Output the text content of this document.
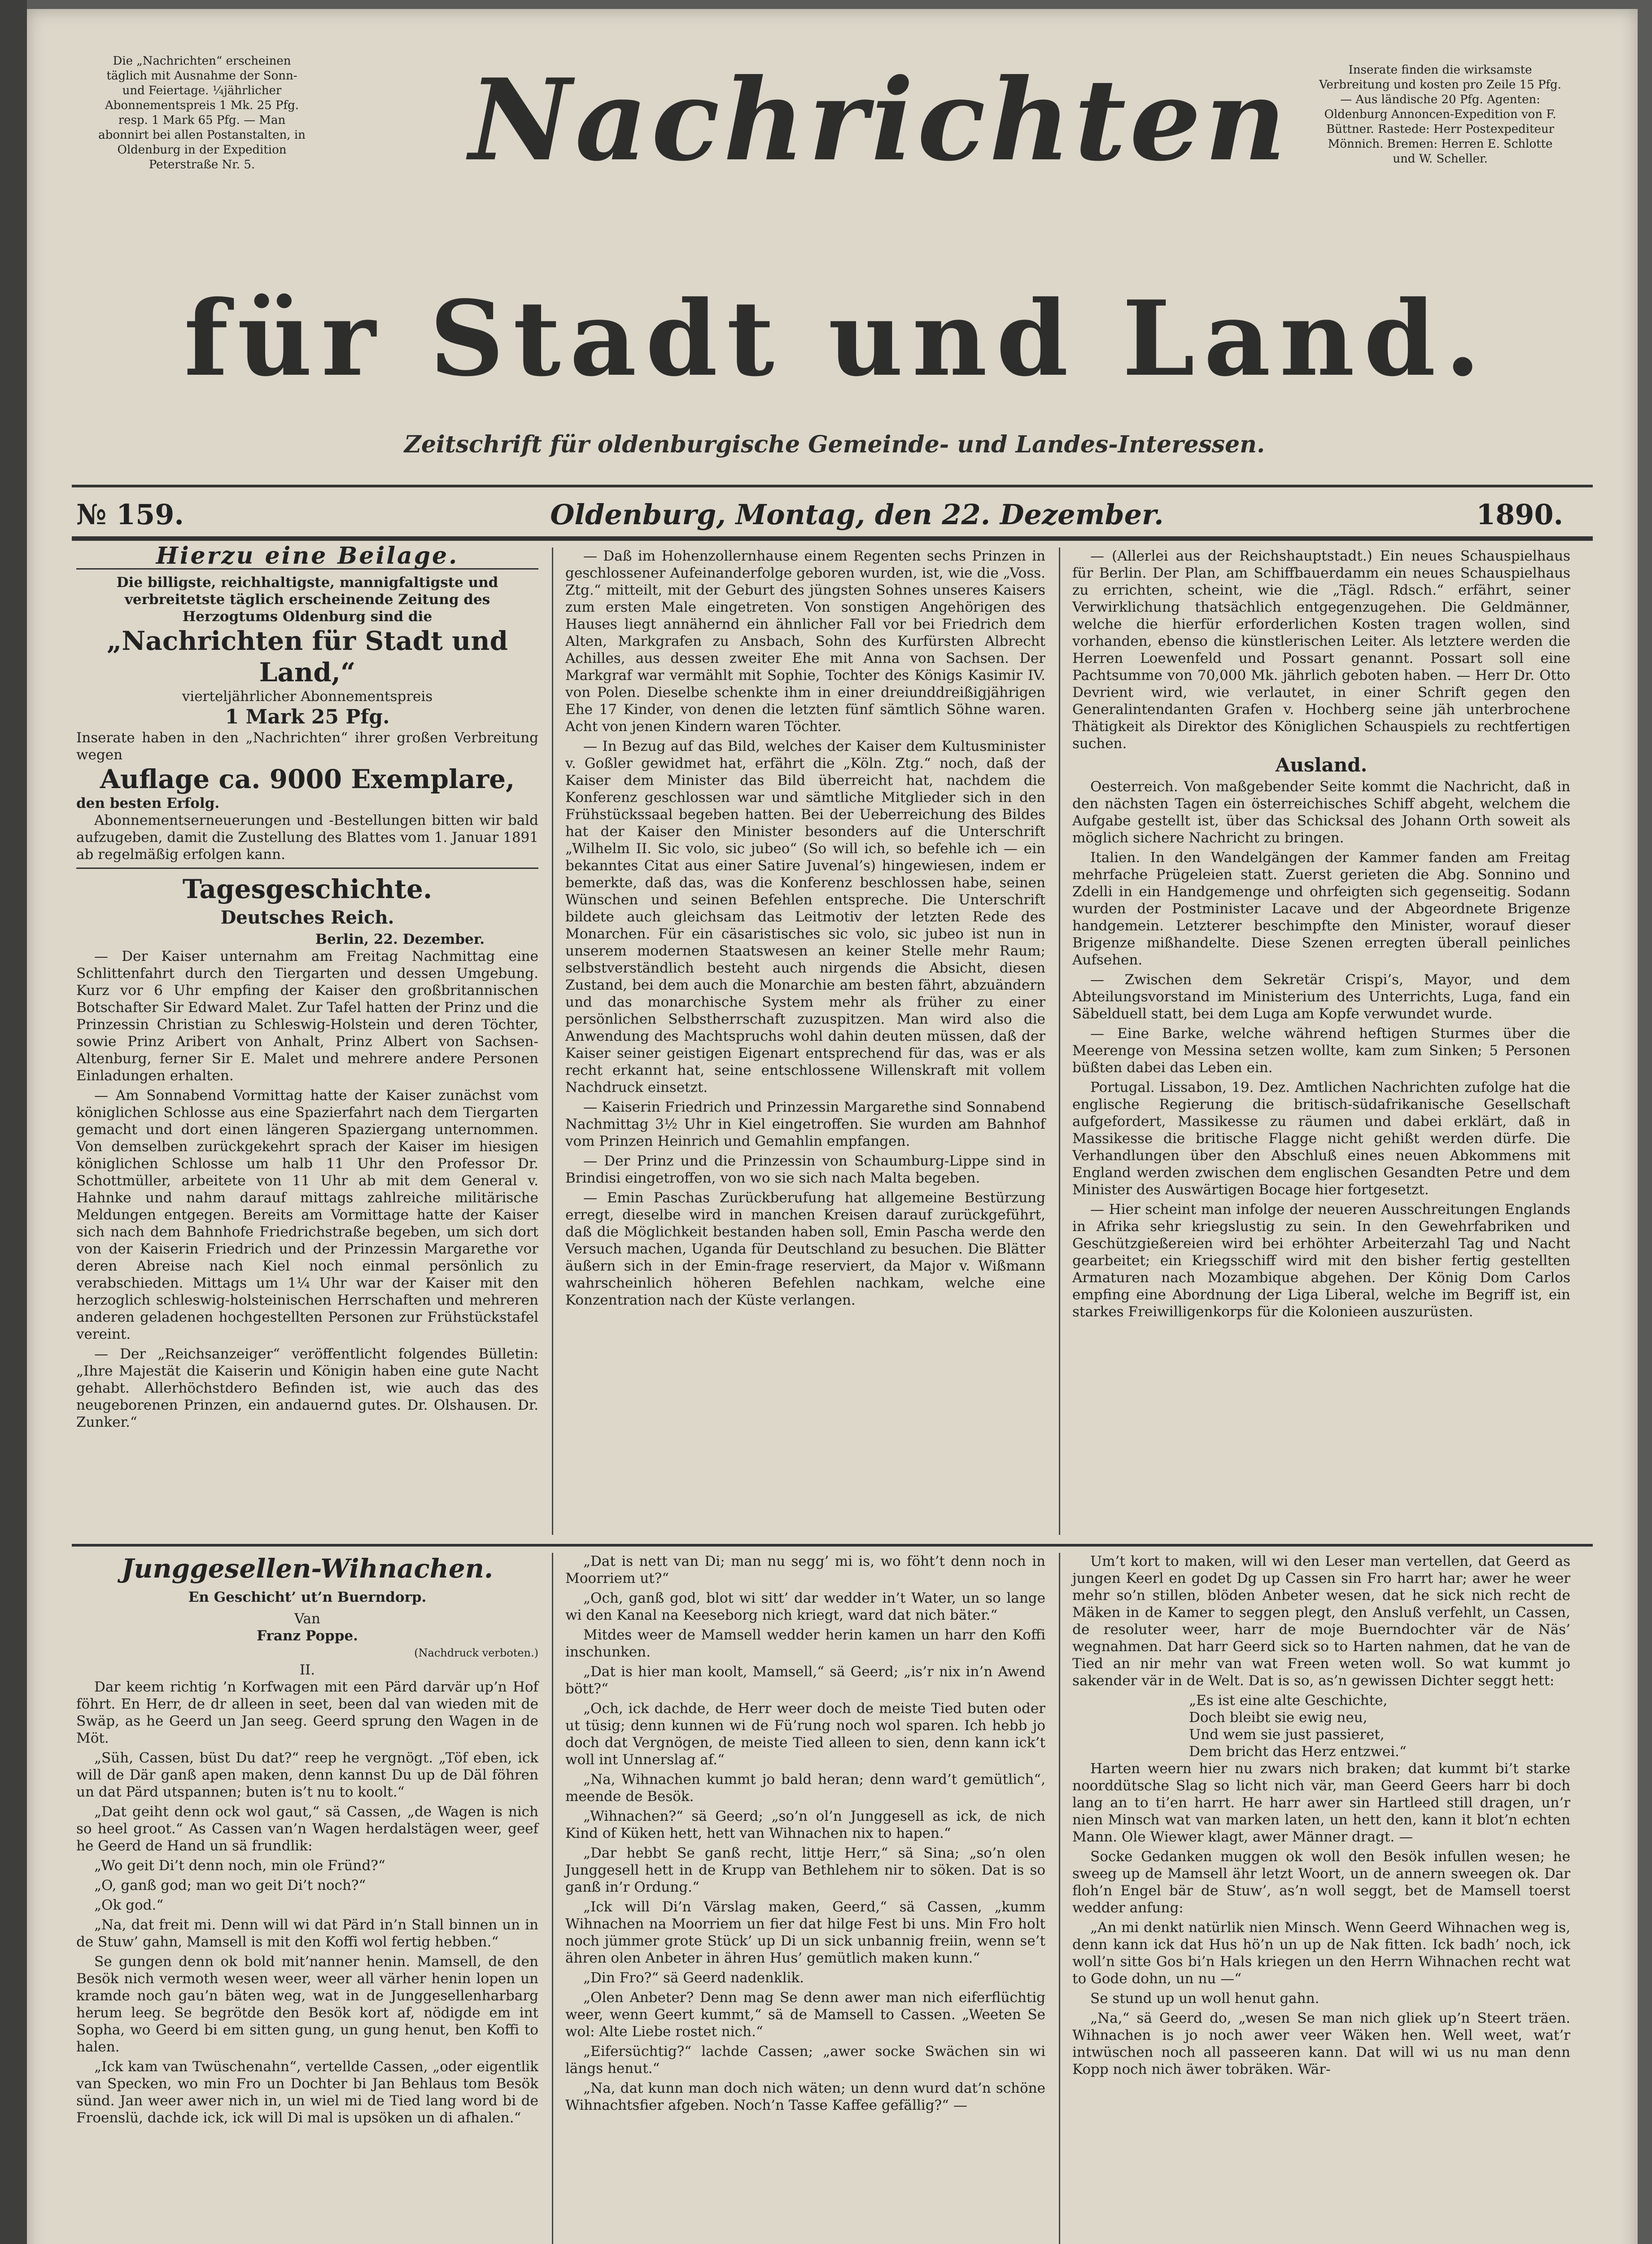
Die „Nachrichten“ erscheinen täglich mit Ausnahme der Sonn- und Feiertage. ¼jährlicher Abonnementspreis 1 Mk. 25 Pfg. resp. 1 Mark 65 Pfg. — Man abonnirt bei allen Postanstalten, in Oldenburg in der Expedition Peterstraße Nr. 5.
Inserate finden die wirksamste Verbreitung und kosten pro Zeile 15 Pfg. — Aus ländische 20 Pfg. Agenten: Oldenburg Annoncen-Expedition von F. Büttner. Rastede: Herr Postexpediteur Mönnich. Bremen: Herren E. Schlotte und W. Scheller.
Nachrichten
für Stadt und Land.
Zeitschrift für oldenburgische Gemeinde- und Landes-Interessen.
№ 159.	Oldenburg, Montag, den 22. Dezember.	1890.
Hierzu eine Beilage.
Die billigste, reichhaltigste, mannigfaltigste und verbreitetste täglich erscheinende Zeitung des Herzogtums Oldenburg sind die
„Nachrichten für Stadt und Land,“
vierteljährlicher Abonnementspreis
1 Mark 25 Pfg.
Inserate haben in den „Nachrichten“ ihrer großen Verbreitung wegen
Auflage ca. 9000 Exemplare,
den besten Erfolg.
Abonnementserneuerungen und -Bestellungen bitten wir bald aufzugeben, damit die Zustellung des Blattes vom 1. Januar 1891 ab regelmäßig erfolgen kann.
Tagesgeschichte.
Deutsches Reich.
Berlin, 22. Dezember.

— Der Kaiser unternahm am Freitag Nachmittag eine Schlittenfahrt durch den Tiergarten und dessen Umgebung. Kurz vor 6 Uhr empfing der Kaiser den großbritannischen Botschafter Sir Edward Malet. Zur Tafel hatten der Prinz und die Prinzessin Christian zu Schleswig-Holstein und deren Töchter, sowie Prinz Aribert von Anhalt, Prinz Albert von Sachsen-Altenburg, ferner Sir E. Malet und mehrere andere Personen Einladungen erhalten.

— Am Sonnabend Vormittag hatte der Kaiser zunächst vom königlichen Schlosse aus eine Spazierfahrt nach dem Tiergarten gemacht und dort einen längeren Spaziergang unternommen. Von demselben zurückgekehrt sprach der Kaiser im hiesigen königlichen Schlosse um halb 11 Uhr den Professor Dr. Schottmüller, arbeitete von 11 Uhr ab mit dem General v. Hahnke und nahm darauf mittags zahlreiche militärische Meldungen entgegen. Bereits am Vormittage hatte der Kaiser sich nach dem Bahnhofe Friedrichstraße begeben, um sich dort von der Kaiserin Friedrich und der Prinzessin Margarethe vor deren Abreise nach Kiel noch einmal persönlich zu verabschieden. Mittags um 1¼ Uhr war der Kaiser mit den herzoglich schleswig-holsteinischen Herrschaften und mehreren anderen geladenen hochgestellten Personen zur Frühstückstafel vereint.

— Der „Reichsanzeiger“ veröffentlicht folgendes Bülletin: „Ihre Majestät die Kaiserin und Königin haben eine gute Nacht gehabt. Allerhöchstdero Befinden ist, wie auch das des neugeborenen Prinzen, ein andauernd gutes. Dr. Olshausen. Dr. Zunker.“

— Daß im Hohenzollernhause einem Regenten sechs Prinzen in geschlossener Aufeinanderfolge geboren wurden, ist, wie die „Voss. Ztg.“ mitteilt, mit der Geburt des jüngsten Sohnes unseres Kaisers zum ersten Male eingetreten. Von sonstigen Angehörigen des Hauses liegt annähernd ein ähnlicher Fall vor bei Friedrich dem Alten, Markgrafen zu Ansbach, Sohn des Kurfürsten Albrecht Achilles, aus dessen zweiter Ehe mit Anna von Sachsen. Der Markgraf war vermählt mit Sophie, Tochter des Königs Kasimir IV. von Polen. Dieselbe schenkte ihm in einer dreiunddreißigjährigen Ehe 17 Kinder, von denen die letzten fünf sämtlich Söhne waren. Acht von jenen Kindern waren Töchter.

— In Bezug auf das Bild, welches der Kaiser dem Kultusminister v. Goßler gewidmet hat, erfährt die „Köln. Ztg.“ noch, daß der Kaiser dem Minister das Bild überreicht hat, nachdem die Konferenz geschlossen war und sämtliche Mitglieder sich in den Frühstückssaal begeben hatten. Bei der Ueberreichung des Bildes hat der Kaiser den Minister besonders auf die Unterschrift „Wilhelm II. Sic volo, sic jubeo“ (So will ich, so befehle ich — ein bekanntes Citat aus einer Satire Juvenal’s) hingewiesen, indem er bemerkte, daß das, was die Konferenz beschlossen habe, seinen Wünschen und seinen Befehlen entspreche. Die Unterschrift bildete auch gleichsam das Leitmotiv der letzten Rede des Monarchen. Für ein cäsaristisches sic volo, sic jubeo ist nun in unserem modernen Staatswesen an keiner Stelle mehr Raum; selbstverständlich besteht auch nirgends die Absicht, diesen Zustand, bei dem auch die Monarchie am besten fährt, abzuändern und das monarchische System mehr als früher zu einer persönlichen Selbstherrschaft zuzuspitzen. Man wird also die Anwendung des Machtspruchs wohl dahin deuten müssen, daß der Kaiser seiner geistigen Eigenart entsprechend für das, was er als recht erkannt hat, seine entschlossene Willenskraft mit vollem Nachdruck einsetzt.

— Kaiserin Friedrich und Prinzessin Margarethe sind Sonnabend Nachmittag 3½ Uhr in Kiel eingetroffen. Sie wurden am Bahnhof vom Prinzen Heinrich und Gemahlin empfangen.

— Der Prinz und die Prinzessin von Schaumburg-Lippe sind in Brindisi eingetroffen, von wo sie sich nach Malta begeben.

— Emin Paschas Zurückberufung hat allgemeine Bestürzung erregt, dieselbe wird in manchen Kreisen darauf zurückgeführt, daß die Möglichkeit bestanden haben soll, Emin Pascha werde den Versuch machen, Uganda für Deutschland zu besuchen. Die Blätter äußern sich in der Emin-frage reserviert, da Major v. Wißmann wahrscheinlich höheren Befehlen nachkam, welche eine Konzentration nach der Küste verlangen.

— (Allerlei aus der Reichshauptstadt.) Ein neues Schauspielhaus für Berlin. Der Plan, am Schiffbauerdamm ein neues Schauspielhaus zu errichten, scheint, wie die „Tägl. Rdsch.“ erfährt, seiner Verwirklichung thatsächlich entgegenzugehen. Die Geldmänner, welche die hierfür erforderlichen Kosten tragen wollen, sind vorhanden, ebenso die künstlerischen Leiter. Als letztere werden die Herren Loewenfeld und Possart genannt. Possart soll eine Pachtsumme von 70,000 Mk. jährlich geboten haben. — Herr Dr. Otto Devrient wird, wie verlautet, in einer Schrift gegen den Generalintendanten Grafen v. Hochberg seine jäh unterbrochene Thätigkeit als Direktor des Königlichen Schauspiels zu rechtfertigen suchen.

Ausland.

Oesterreich. Von maßgebender Seite kommt die Nachricht, daß in den nächsten Tagen ein österreichisches Schiff abgeht, welchem die Aufgabe gestellt ist, über das Schicksal des Johann Orth soweit als möglich sichere Nachricht zu bringen.

Italien. In den Wandelgängen der Kammer fanden am Freitag mehrfache Prügeleien statt. Zuerst gerieten die Abg. Sonnino und Zdelli in ein Handgemenge und ohrfeigten sich gegenseitig. Sodann wurden der Postminister Lacave und der Abgeordnete Brigenze handgemein. Letzterer beschimpfte den Minister, worauf dieser Brigenze mißhandelte. Diese Szenen erregten überall peinliches Aufsehen.

— Zwischen dem Sekretär Crispi’s, Mayor, und dem Abteilungsvorstand im Ministerium des Unterrichts, Luga, fand ein Säbelduell statt, bei dem Luga am Kopfe verwundet wurde.

— Eine Barke, welche während heftigen Sturmes über die Meerenge von Messina setzen wollte, kam zum Sinken; 5 Personen büßten dabei das Leben ein.

Portugal. Lissabon, 19. Dez. Amtlichen Nachrichten zufolge hat die englische Regierung die britisch-südafrikanische Gesellschaft aufgefordert, Massikesse zu räumen und dabei erklärt, daß in Massikesse die britische Flagge nicht gehißt werden dürfe. Die Verhandlungen über den Abschluß eines neuen Abkommens mit England werden zwischen dem englischen Gesandten Petre und dem Minister des Auswärtigen Bocage hier fortgesetzt.

— Hier scheint man infolge der neueren Ausschreitungen Englands in Afrika sehr kriegslustig zu sein. In den Gewehrfabriken und Geschützgießereien wird bei erhöhter Arbeiterzahl Tag und Nacht gearbeitet; ein Kriegsschiff wird mit den bisher fertig gestellten Armaturen nach Mozambique abgehen. Der König Dom Carlos empfing eine Abordnung der Liga Liberal, welche im Begriff ist, ein starkes Freiwilligenkorps für die Kolonieen auszurüsten.

Junggesellen-Wihnachen.
En Geschicht’ ut’n Buerndorp.
Van
Franz Poppe.
(Nachdruck verboten.)
II.

Dar keem richtig ’n Korfwagen mit een Pärd darvär up’n Hof föhrt. En Herr, de dr alleen in seet, been dal van wieden mit de Swäp, as he Geerd un Jan seeg. Geerd sprung den Wagen in de Möt.

„Süh, Cassen, büst Du dat?“ reep he vergnögt. „Töf eben, ick will de Där ganß apen maken, denn kannst Du up de Däl föhren un dat Pärd utspannen; buten is’t nu to koolt.“

„Dat geiht denn ock wol gaut,“ sä Cassen, „de Wagen is nich so heel groot.“ As Cassen van’n Wagen herdalstägen weer, geef he Geerd de Hand un sä frundlik:

„Wo geit Di’t denn noch, min ole Fründ?“

„O, ganß god; man wo geit Di’t noch?“

„Ok god.“

„Na, dat freit mi. Denn will wi dat Pärd in’n Stall binnen un in de Stuw’ gahn, Mamsell is mit den Koffi wol fertig hebben.“

Se gungen denn ok bold mit’nanner henin. Mamsell, de den Besök nich vermoth wesen weer, weer all värher henin lopen un kramde noch gau’n bäten weg, wat in de Junggesellenharbarg herum leeg. Se begrötde den Besök kort af, nödigde em int Sopha, wo Geerd bi em sitten gung, un gung henut, ben Koffi to halen.

„Ick kam van Twüschenahn“, vertellde Cassen, „oder eigentlik van Specken, wo min Fro un Dochter bi Jan Behlaus tom Besök sünd. Jan weer awer nich in, un wiel mi de Tied lang word bi de Froenslü, dachde ick, ick will Di mal is upsöken un di afhalen.“

„Dat is nett van Di; man nu segg’ mi is, wo föht’t denn noch in Moorriem ut?“

„Och, ganß god, blot wi sitt’ dar wedder in’t Water, un so lange wi den Kanal na Keeseborg nich kriegt, ward dat nich bäter.“

Mitdes weer de Mamsell wedder herin kamen un harr den Koffi inschunken.

„Dat is hier man koolt, Mamsell,“ sä Geerd; „is’r nix in’n Awend bött?“

„Och, ick dachde, de Herr weer doch de meiste Tied buten oder ut tüsig; denn kunnen wi de Fü’rung noch wol sparen. Ich hebb jo doch dat Vergnögen, de meiste Tied alleen to sien, denn kann ick’t woll int Unnerslag af.“

„Na, Wihnachen kummt jo bald heran; denn ward’t gemütlich“, meende de Besök.

„Wihnachen?“ sä Geerd; „so’n ol’n Junggesell as ick, de nich Kind of Küken hett, hett van Wihnachen nix to hapen.“

„Dar hebbt Se ganß recht, littje Herr,“ sä Sina; „so’n olen Junggesell hett in de Krupp van Bethlehem nir to söken. Dat is so ganß in’r Ordung.“

„Ick will Di’n Värslag maken, Geerd,“ sä Cassen, „kumm Wihnachen na Moorriem un fier dat hilge Fest bi uns. Min Fro holt noch jümmer grote Stück’ up Di un sick unbannig freiin, wenn se’t ähren olen Anbeter in ähren Hus’ gemütlich maken kunn.“

„Din Fro?“ sä Geerd nadenklik.

„Olen Anbeter? Denn mag Se denn awer man nich eiferflüchtig weer, wenn Geert kummt,“ sä de Mamsell to Cassen. „Weeten Se wol: Alte Liebe rostet nich.“

„Eifersüchtig?“ lachde Cassen; „awer socke Swächen sin wi längs henut.“

„Na, dat kunn man doch nich wäten; un denn wurd dat’n schöne Wihnachtsfier afgeben. Noch’n Tasse Kaffee gefällig?“ —

Um’t kort to maken, will wi den Leser man vertellen, dat Geerd as jungen Keerl en godet Dg up Cassen sin Fro harrt har; awer he weer mehr so’n stillen, blöden Anbeter wesen, dat he sick nich recht de Mäken in de Kamer to seggen plegt, den Ansluß verfehlt, un Cassen, de resoluter weer, harr de moje Buerndochter vär de Näs’ wegnahmen. Dat harr Geerd sick so to Harten nahmen, dat he van de Tied an nir mehr van wat Freen weten woll. So wat kummt jo sakender vär in de Welt. Dat is so, as’n gewissen Dichter seggt hett:

„Es ist eine alte Geschichte,
Doch bleibt sie ewig neu,
Und wem sie just passieret,
Dem bricht das Herz entzwei.“

Harten weern hier nu zwars nich braken; dat kummt bi’t starke noorddütsche Slag so licht nich vär, man Geerd Geers harr bi doch lang an to ti’en harrt. He harr awer sin Hartleed still dragen, un’r nien Minsch wat van marken laten, un hett den, kann it blot’n echten Mann. Ole Wiewer klagt, awer Männer dragt. —

Socke Gedanken muggen ok woll den Besök infullen wesen; he sweeg up de Mamsell ähr letzt Woort, un de annern sweegen ok. Dar floh’n Engel bär de Stuw’, as’n woll seggt, bet de Mamsell toerst wedder anfung:

„An mi denkt natürlik nien Minsch. Wenn Geerd Wihnachen weg is, denn kann ick dat Hus hö’n un up de Nak fitten. Ick badh’ noch, ick woll’n sitte Gos bi’n Hals kriegen un den Herrn Wihnachen recht wat to Gode dohn, un nu —“

Se stund up un woll henut gahn.

„Na,“ sä Geerd do, „wesen Se man nich gliek up’n Steert träen. Wihnachen is jo noch awer veer Wäken hen. Well weet, wat’r intwüschen noch all passeeren kann. Dat will wi us nu man denn Kopp noch nich äwer tobräken. Wär-
